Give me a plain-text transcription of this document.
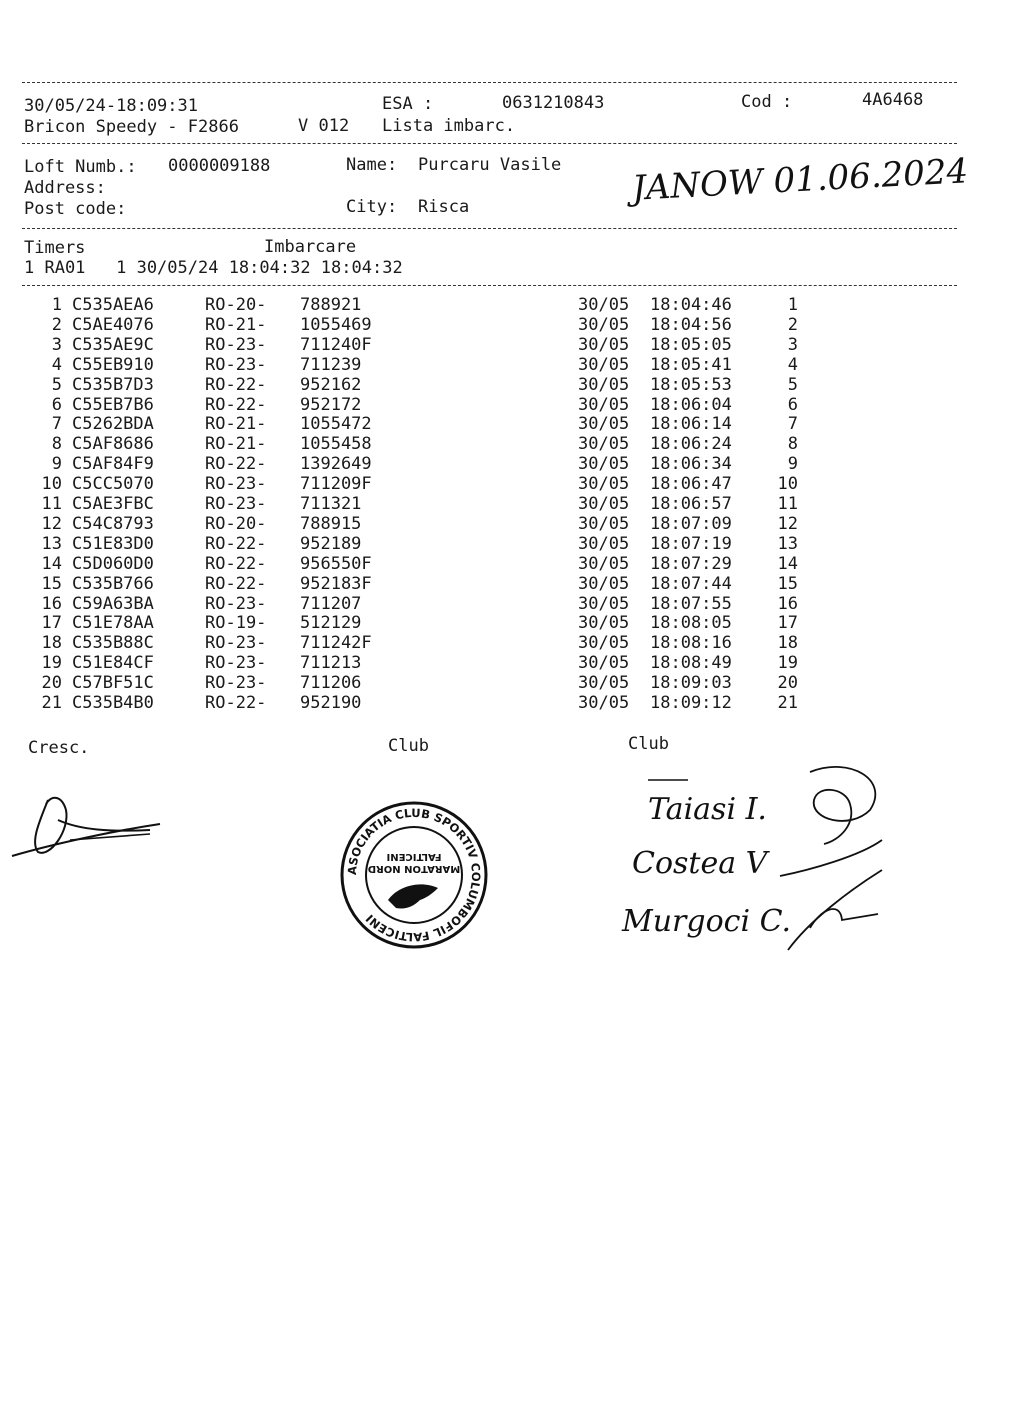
30/05/24-18:09:31	ESA :	0631210843	Cod :	4A6468
Bricon Speedy - F2866	V 012 Lista imbarc.
Loft Numb.: 0000009188	Name: Purcaru Vasile
Address:
Post code:	City: Risca	JANOW 01.06.2024
Timers	Imbarcare
1 RA01   1 30/05/24 18:04:32 18:04:32
1 C535AEA6	RO-20- 788921	30/05 18:04:46	1
2 C5AE4076	RO-21- 1055469	30/05 18:04:56	2
3 C535AE9C	RO-23- 711240F	30/05 18:05:05	3
4 C55EB910	RO-23- 711239	30/05 18:05:41	4
5 C535B7D3	RO-22- 952162	30/05 18:05:53	5
6 C55EB7B6	RO-22- 952172	30/05 18:06:04	6
7 C5262BDA	RO-21- 1055472	30/05 18:06:14	7
8 C5AF8686	RO-21- 1055458	30/05 18:06:24	8
9 C5AF84F9	RO-22- 1392649	30/05 18:06:34	9
10 C5CC5070	RO-23- 711209F	30/05 18:06:47	10
11 C5AE3FBC	RO-23- 711321	30/05 18:06:57	11
12 C54C8793	RO-20- 788915	30/05 18:07:09	12
13 C51E83D0	RO-22- 952189	30/05 18:07:19	13
14 C5D060D0	RO-22- 956550F	30/05 18:07:29	14
15 C535B766	RO-22- 952183F	30/05 18:07:44	15
16 C59A63BA	RO-23- 711207	30/05 18:07:55	16
17 C51E78AA	RO-19- 512129	30/05 18:08:05	17
18 C535B88C	RO-23- 711242F	30/05 18:08:16	18
19 C51E84CF	RO-23- 711213	30/05 18:08:49	19
20 C57BF51C	RO-23- 711206	30/05 18:09:03	20
21 C535B4B0	RO-22- 952190	30/05 18:09:12	21
Cresc.	Club	Club
ASOCIATIA CLUB SPORTIV COLUMBOFIL FALTICENI
MARATON NORD
FALTICENI
Taiasi I.
Costea V
Murgoci C.
